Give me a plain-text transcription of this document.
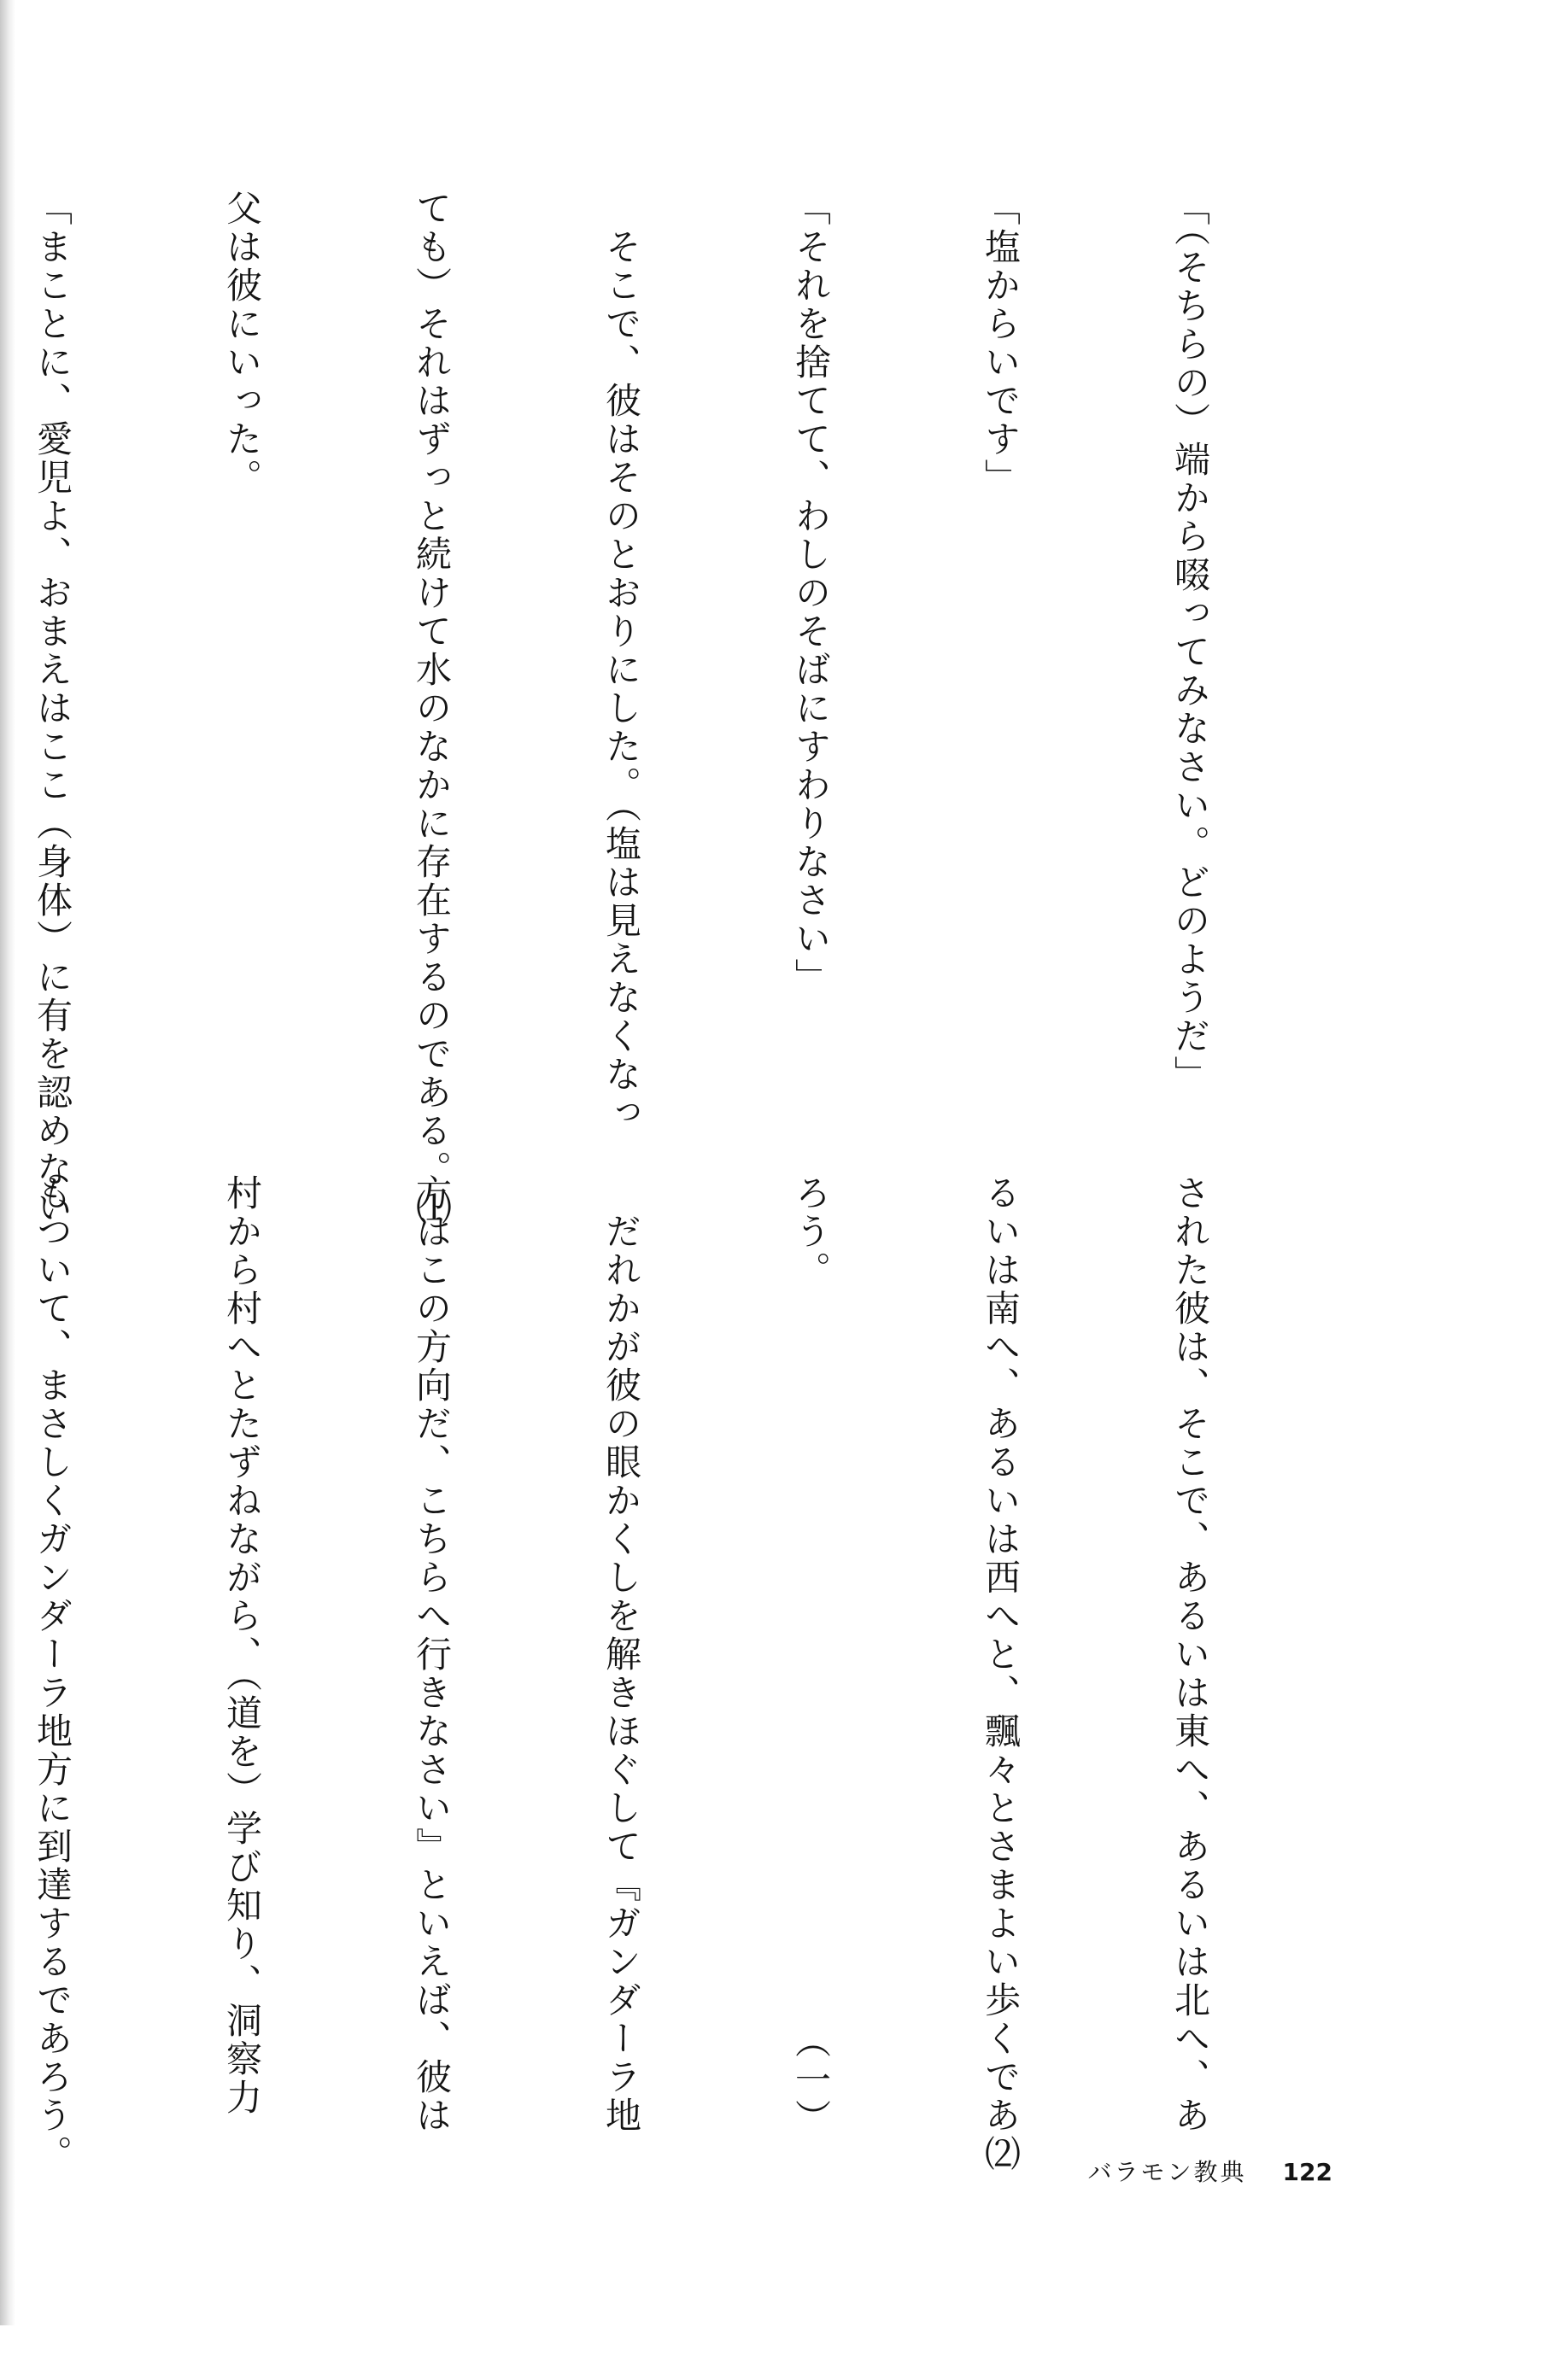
「（そちらの）端から啜ってみなさい。どのようだ」

「塩からいです」

「それを捨てて、わしのそばにすわりなさい」

　そこで、彼はそのとおりにした。（塩は見えなくなっ

ても）それはずっと続けて水のなかに存在するのである。⑴

父は彼にいった。

「まことに、愛児よ、おまえはここ（身体）に有を認めない

された彼は、そこで、あるいは東へ、あるいは北へ、あ

るいは南へ、あるいは西へと、飄々とさまよい歩くであ⑵

ろう。　　　　　　　　　　　　　　　　　　　　（一）

　だれかが彼の眼かくしを解きほぐして『ガンダーラ地

方はこの方向だ、こちらへ行きなさい』といえば、彼は

村から村へとたずねながら、（道を）学び知り、洞察力

もついて、まさしくガンダーラ地方に到達するであろう。

	バラモン教典 122
